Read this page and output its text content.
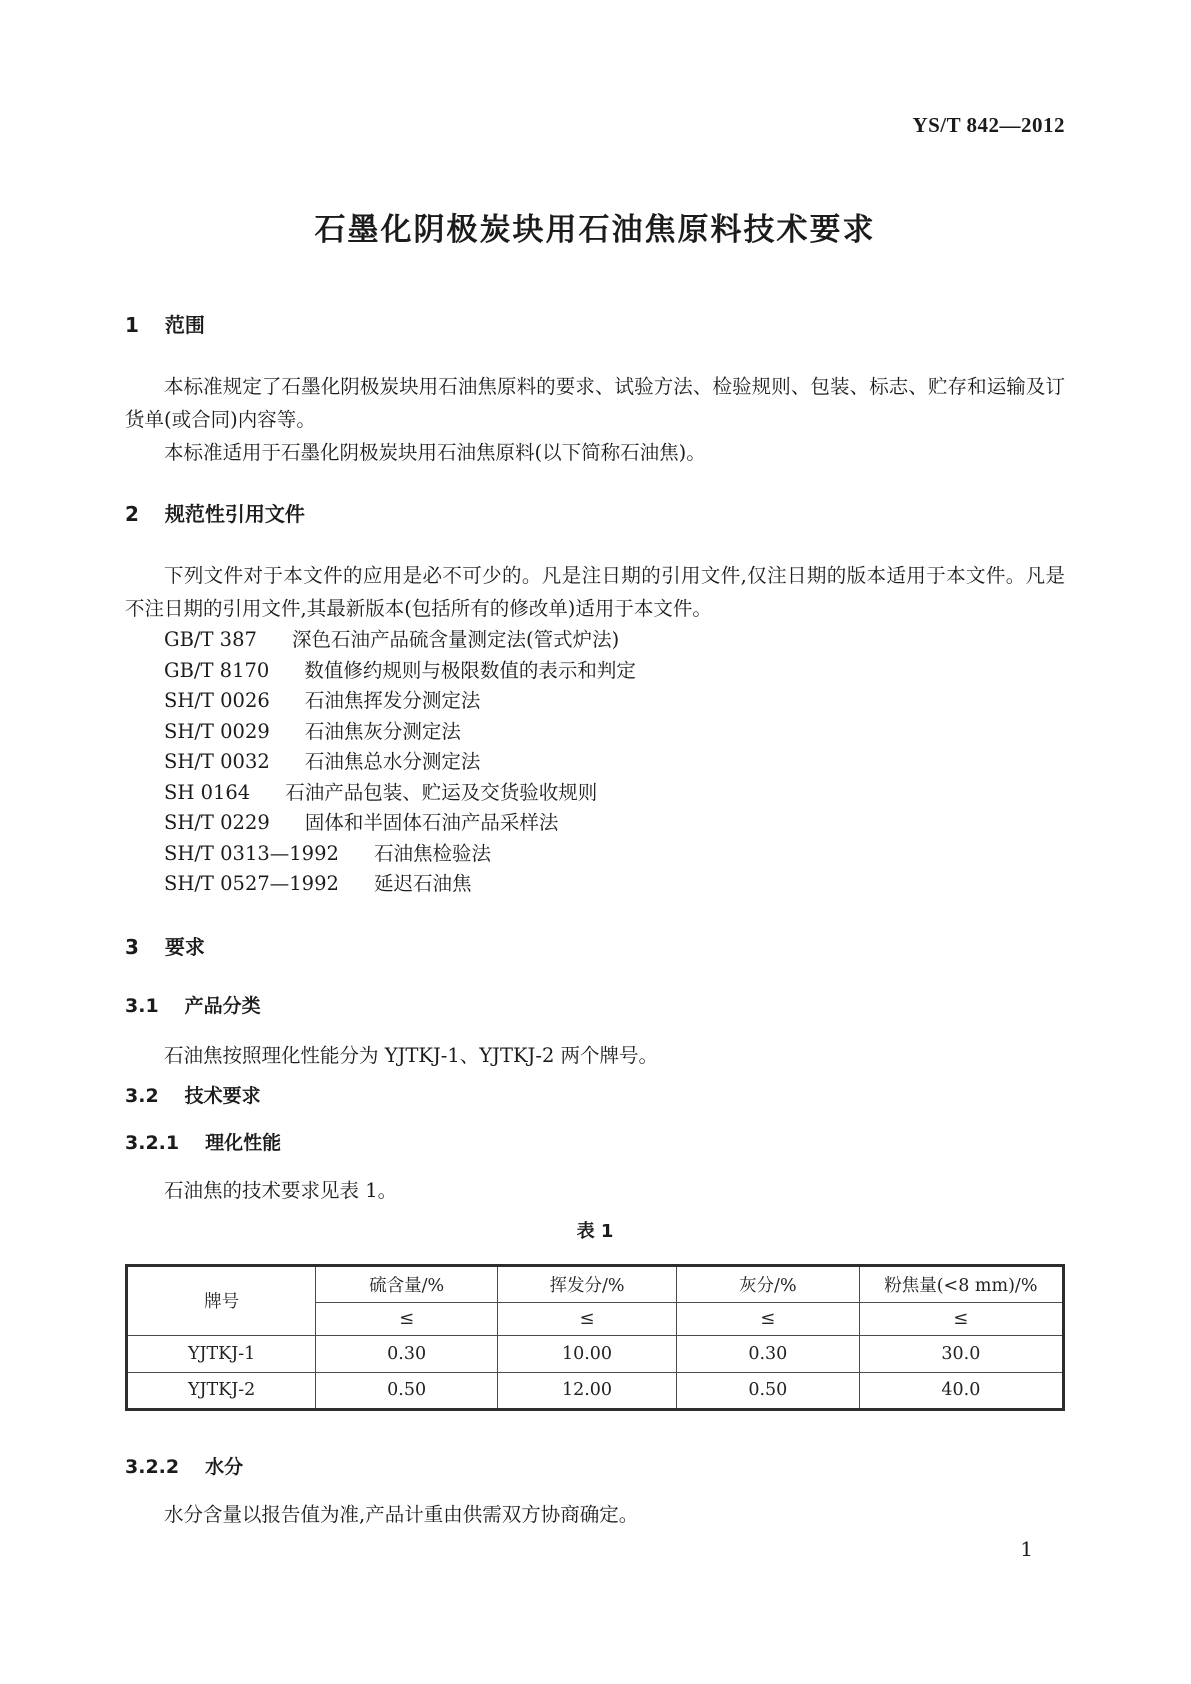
YS/T 842—2012
石墨化阴极炭块用石油焦原料技术要求
1 范围

本标准规定了石墨化阴极炭块用石油焦原料的要求、试验方法、检验规则、包装、标志、贮存和运输及订货单(或合同)内容等。

本标准适用于石墨化阴极炭块用石油焦原料(以下简称石油焦)。

2 规范性引用文件

下列文件对于本文件的应用是必不可少的。凡是注日期的引用文件,仅注日期的版本适用于本文件。凡是不注日期的引用文件,其最新版本(包括所有的修改单)适用于本文件。

GB/T 387 深色石油产品硫含量测定法(管式炉法)
GB/T 8170 数值修约规则与极限数值的表示和判定
SH/T 0026 石油焦挥发分测定法
SH/T 0029 石油焦灰分测定法
SH/T 0032 石油焦总水分测定法
SH 0164 石油产品包装、贮运及交货验收规则
SH/T 0229 固体和半固体石油产品采样法
SH/T 0313—1992 石油焦检验法
SH/T 0527—1992 延迟石油焦
3 要求
3.1 产品分类

石油焦按照理化性能分为 YJTKJ-1、YJTKJ-2 两个牌号。

3.2 技术要求
3.2.1 理化性能

石油焦的技术要求见表 1。

表 1
牌号	硫含量/%	挥发分/%	灰分/%	粉焦量(<8 mm)/%
	≤	≤	≤	≤
YJTKJ-1	0.30	10.00	0.30	30.0
YJTKJ-2	0.50	12.00	0.50	40.0
3.2.2 水分

水分含量以报告值为准,产品计重由供需双方协商确定。

1
